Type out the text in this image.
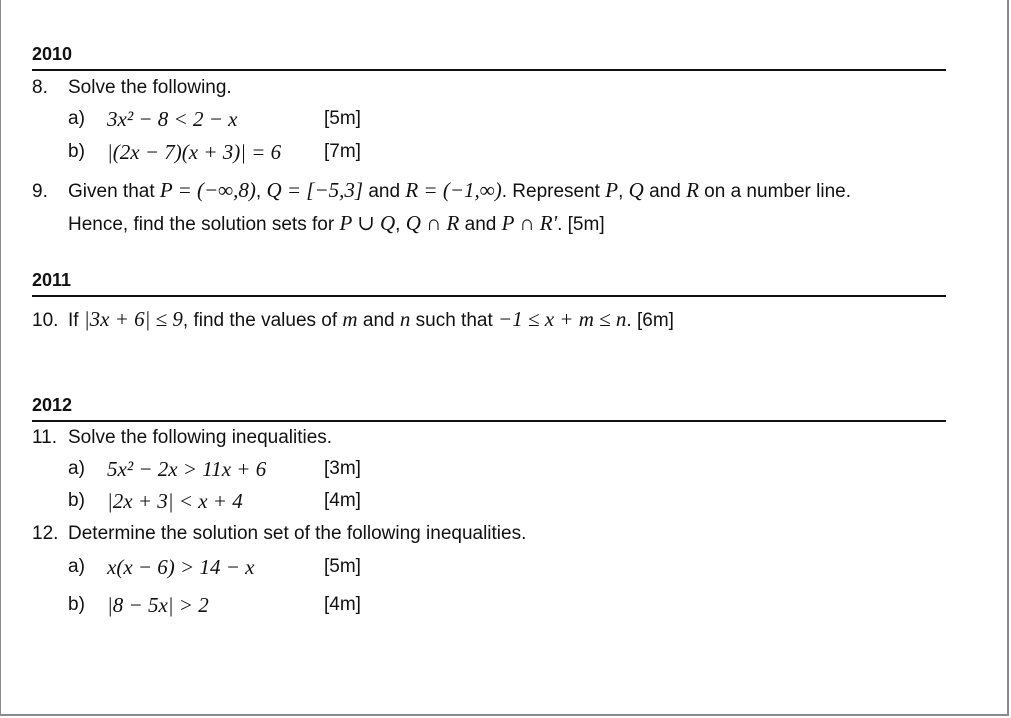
2010
8. Solve the following.
a) 3x² − 8 < 2 − x	[5m]
b) |(2x − 7)(x + 3)| = 6 [7m]
9. Given that P = (−∞,8), Q = [−5,3] and R = (−1,∞). Represent P, Q and R on a number line.
Hence, find the solution sets for P ∪ Q, Q ∩ R and P ∩ R'. [5m]
2011
10. If |3x + 6| ≤ 9, find the values of m and n such that −1 ≤ x + m ≤ n. [6m]
2012
11. Solve the following inequalities.
a) 5x² − 2x > 11x + 6	[3m]
b) |2x + 3| < x + 4	[4m]
12. Determine the solution set of the following inequalities.
a) x(x − 6) > 14 − x	[5m]
b) |8 − 5x| > 2	[4m]
